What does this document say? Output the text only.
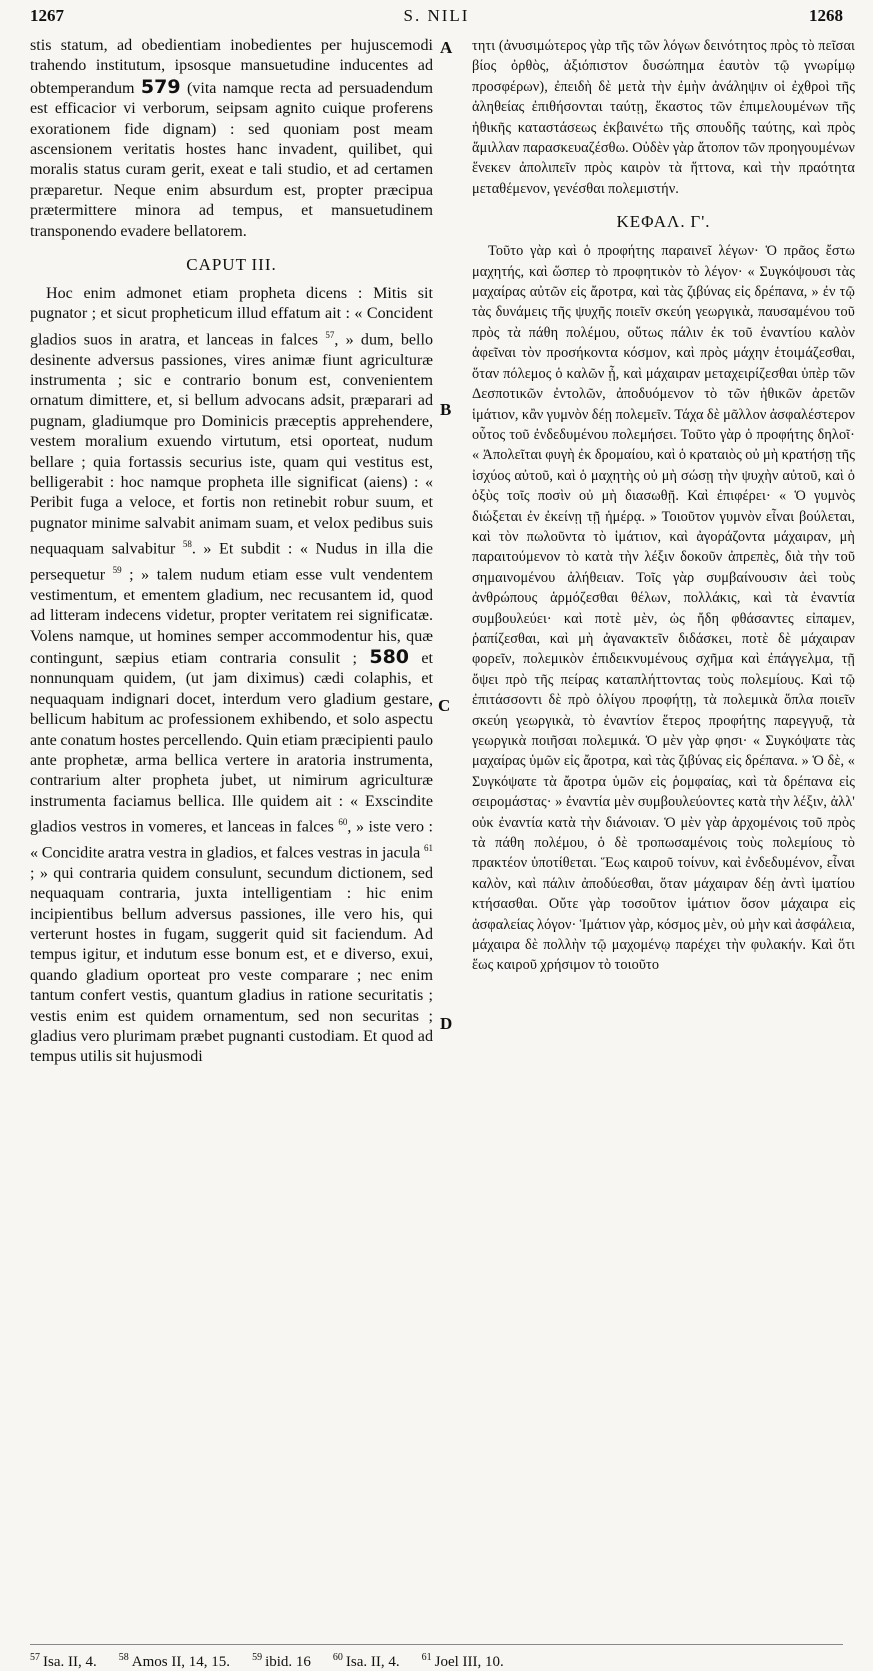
1267	S. NILI	1268
A
B
C
D

stis statum, ad obedientiam inobedientes per hujuscemodi trahendo institutum, ipsosque mansuetudine inducentes ad obtemperandum 579 (vita namque recta ad persuadendum est efficacior vi verborum, seipsam agnito cuique proferens exorationem fide dignam) : sed quoniam post meam ascensionem veritatis hostes hanc invadent, quilibet, qui moralis status curam gerit, exeat e tali studio, et ad certamen præparetur. Neque enim absurdum est, propter præcipua prætermittere minora ad tempus, et mansuetudinem transponendo evadere bellatorem.

CAPUT III.

Hoc enim admonet etiam propheta dicens : Mitis sit pugnator ; et sicut propheticum illud effatum ait : « Concident gladios suos in aratra, et lanceas in falces $^{57}$, » dum, bello desinente adversus passiones, vires animæ fiunt agriculturæ instrumenta ; sic e contrario bonum est, convenientem ornatum dimittere, et, si bellum advocans adsit, præparari ad pugnam, gladiumque pro Dominicis præceptis apprehendere, vestem moralium exuendo virtutum, etsi oporteat, nudum bellare ; quia fortassis securius iste, quam qui vestitus est, belligerabit : hoc namque propheta ille significat (aiens) : « Peribit fuga a veloce, et fortis non retinebit robur suum, et pugnator minime salvabit animam suam, et velox pedibus suis nequaquam salvabitur $^{58}$. » Et subdit : « Nudus in illa die persequetur $^{59}$ ; » talem nudum etiam esse vult vendentem vestimentum, et ementem gladium, nec recusantem id, quod ad litteram indecens videtur, propter veritatem rei significatæ. Volens namque, ut homines semper accommodentur his, quæ contingunt, sæpius etiam contraria consulit ; 580 et nonnunquam quidem, (ut jam diximus) cædi colaphis, et nequaquam indignari docet, interdum vero gladium gestare, bellicum habitum ac professionem exhibendo, et solo aspectu ante conatum hostes percellendo. Quin etiam præcipienti paulo ante prophetæ, arma bellica vertere in aratoria instrumenta, contrarium alter propheta jubet, ut nimirum agriculturæ instrumenta faciamus bellica. Ille quidem ait : « Exscindite gladios vestros in vomeres, et lanceas in falces $^{60}$, » iste vero : « Concidite aratra vestra in gladios, et falces vestras in jacula $^{61}$ ; » qui contraria quidem consulunt, secundum dictionem, sed nequaquam contraria, juxta intelligentiam : hic enim incipientibus bellum adversus passiones, ille vero his, qui verterunt hostes in fugam, suggerit quid sit faciendum. Ad tempus igitur, et indutum esse bonum est, et e diverso, exui, quando gladium oporteat pro veste comparare ; nec enim tantum confert vestis, quantum gladius in ratione securitatis ; vestis enim est quidem ornamentum, sed non securitas ; gladius vero plurimam præbet pugnanti custodiam. Et quod ad tempus utilis sit hujusmodi

τητι (ἀνυσιμώτερος γὰρ τῆς τῶν λόγων δεινότητος πρὸς τὸ πεῖσαι βίος ὀρθὸς, ἀξιόπιστον δυσώπημα ἑαυτὸν τῷ γνωρίμῳ προσφέρων), ἐπειδὴ δὲ μετὰ τὴν ἐμὴν ἀνάληψιν οἱ ἐχθροὶ τῆς ἀληθείας ἐπιθήσονται ταύτῃ, ἕκαστος τῶν ἐπιμελουμένων τῆς ἠθικῆς καταστάσεως ἐκβαινέτω τῆς σπουδῆς ταύτης, καὶ πρὸς ἅμιλλαν παρασκευαζέσθω. Οὐδὲν γὰρ ἄτοπον τῶν προηγουμένων ἕνεκεν ἀπολιπεῖν πρὸς καιρὸν τὰ ἥττονα, καὶ τὴν πραότητα μεταθέμενον, γενέσθαι πολεμιστήν.

ΚΕΦΑΛ. Γ'.

Τοῦτο γὰρ καὶ ὁ προφήτης παραινεῖ λέγων· Ὁ πρᾶος ἔστω μαχητής, καὶ ὥσπερ τὸ προφητικὸν τὸ λέγον· « Συγκόψουσι τὰς μαχαίρας αὐτῶν εἰς ἄροτρα, καὶ τὰς ζιβύνας εἰς δρέπανα, » ἐν τῷ τὰς δυνάμεις τῆς ψυχῆς ποιεῖν σκεύη γεωργικὰ, παυσαμένου τοῦ πρὸς τὰ πάθη πολέμου, οὕτως πάλιν ἐκ τοῦ ἐναντίου καλὸν ἀφεῖναι τὸν προσήκοντα κόσμον, καὶ πρὸς μάχην ἑτοιμάζεσθαι, ὅταν πόλεμος ὁ καλῶν ᾖ, καὶ μάχαιραν μεταχειρίζεσθαι ὑπὲρ τῶν Δεσποτικῶν ἐντολῶν, ἀποδυόμενον τὸ τῶν ἠθικῶν ἀρετῶν ἱμάτιον, κἂν γυμνὸν δέῃ πολεμεῖν. Τάχα δὲ μᾶλλον ἀσφαλέστερον οὗτος τοῦ ἐνδεδυμένου πολεμήσει. Τοῦτο γὰρ ὁ προφήτης δηλοῖ· « Ἀπολεῖται φυγὴ ἐκ δρομαίου, καὶ ὁ κραταιὸς οὐ μὴ κρατήσῃ τῆς ἰσχύος αὐτοῦ, καὶ ὁ μαχητὴς οὐ μὴ σώσῃ τὴν ψυχὴν αὐτοῦ, καὶ ὁ ὀξὺς τοῖς ποσὶν οὐ μὴ διασωθῇ. Καὶ ἐπιφέρει· « Ὁ γυμνὸς διώξεται ἐν ἐκείνῃ τῇ ἡμέρᾳ. » Τοιοῦτον γυμνὸν εἶναι βούλεται, καὶ τὸν πωλοῦντα τὸ ἱμάτιον, καὶ ἀγοράζοντα μάχαιραν, μὴ παραιτούμενον τὸ κατὰ τὴν λέξιν δοκοῦν ἀπρεπὲς, διὰ τὴν τοῦ σημαινομένου ἀλήθειαν. Τοῖς γὰρ συμβαίνουσιν ἀεὶ τοὺς ἀνθρώπους ἁρμόζεσθαι θέλων, πολλάκις, καὶ τὰ ἐναντία συμβουλεύει· καὶ ποτὲ μὲν, ὡς ἤδη φθάσαντες εἰπαμεν, ῥαπίζεσθαι, καὶ μὴ ἀγανακτεῖν διδάσκει, ποτὲ δὲ μάχαιραν φορεῖν, πολεμικὸν ἐπιδεικνυμένους σχῆμα καὶ ἐπάγγελμα, τῇ ὄψει πρὸ τῆς πείρας καταπλήττοντας τοὺς πολεμίους. Καὶ τῷ ἐπιτάσσοντι δὲ πρὸ ὀλίγου προφήτῃ, τὰ πολεμικὰ ὅπλα ποιεῖν σκεύη γεωργικὰ, τὸ ἐναντίον ἕτερος προφήτης παρεγγυᾷ, τὰ γεωργικὰ ποιῆσαι πολεμικά. Ὁ μὲν γὰρ φησι· « Συγκόψατε τὰς μαχαίρας ὑμῶν εἰς ἄροτρα, καὶ τὰς ζιβύνας εἰς δρέπανα. » Ὁ δὲ, « Συγκόψατε τὰ ἄροτρα ὑμῶν εἰς ῥομφαίας, καὶ τὰ δρέπανα εἰς σειρομάστας· » ἐναντία μὲν συμβουλεύοντες κατὰ τὴν λέξιν, ἀλλ' οὐκ ἐναντία κατὰ τὴν διάνοιαν. Ὁ μὲν γὰρ ἀρχομένοις τοῦ πρὸς τὰ πάθη πολέμου, ὁ δὲ τροπωσαμένοις τοὺς πολεμίους τὸ πρακτέον ὑποτίθεται. Ἕως καιροῦ τοίνυν, καὶ ἐνδεδυμένον, εἶναι καλὸν, καὶ πάλιν ἀποδύεσθαι, ὅταν μάχαιραν δέῃ ἀντὶ ἱματίου κτήσασθαι. Οὔτε γὰρ τοσοῦτον ἱμάτιον ὅσον μάχαιρα εἰς ἀσφαλείας λόγον· Ἱμάτιον γὰρ, κόσμος μὲν, οὐ μὴν καὶ ἀσφάλεια, μάχαιρα δὲ πολλὴν τῷ μαχομένῳ παρέχει τὴν φυλακήν. Καὶ ὅτι ἕως καιροῦ χρήσιμον τὸ τοιοῦτο

$^{57}$ Isa. II, 4. $^{58}$ Amos II, 14, 15. $^{59}$ ibid. 16 $^{60}$ Isa. II, 4. $^{61}$ Joel III, 10.
